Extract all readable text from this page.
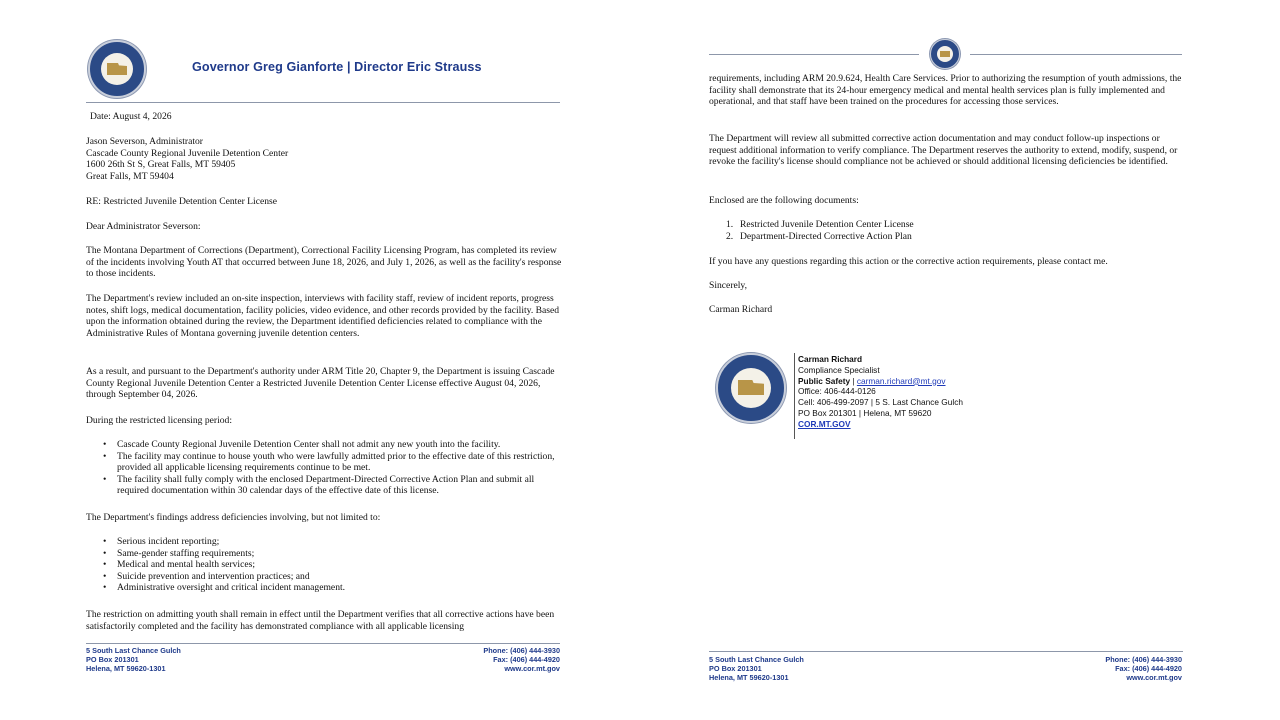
Governor Greg Gianforte | Director Eric Strauss
Date: August 4, 2026

Jason Severson, Administrator

Cascade County Regional Juvenile Detention Center

1600 26th St S, Great Falls, MT 59405

Great Falls, MT 59404

RE: Restricted Juvenile Detention Center License
Dear Administrator Severson:
The Montana Department of Corrections (Department), Correctional Facility Licensing Program, has completed its review of the incidents involving Youth AT that occurred between June 18, 2026, and July 1, 2026, as well as the facility's response to those incidents.
The Department's review included an on-site inspection, interviews with facility staff, review of incident reports, progress notes, shift logs, medical documentation, facility policies, video evidence, and other records provided by the facility. Based upon the information obtained during the review, the Department identified deficiencies related to compliance with the Administrative Rules of Montana governing juvenile detention centers.
As a result, and pursuant to the Department's authority under ARM Title 20, Chapter 9, the Department is issuing Cascade County Regional Juvenile Detention Center a Restricted Juvenile Detention Center License effective August 04, 2026, through September 04, 2026.
During the restricted licensing period:
• Cascade County Regional Juvenile Detention Center shall not admit any new youth into the facility.
• The facility may continue to house youth who were lawfully admitted prior to the effective date of this restriction, provided all applicable licensing requirements continue to be met.
• The facility shall fully comply with the enclosed Department-Directed Corrective Action Plan and submit all required documentation within 30 calendar days of the effective date of this license.
The Department's findings address deficiencies involving, but not limited to:
• Serious incident reporting;
• Same-gender staffing requirements;
• Medical and mental health services;
• Suicide prevention and intervention practices; and
• Administrative oversight and critical incident management.
The restriction on admitting youth shall remain in effect until the Department verifies that all corrective actions have been satisfactorily completed and the facility has demonstrated compliance with all applicable licensing
5 South Last Chance Gulch
PO Box 201301
Helena, MT 59620-1301
Phone: (406) 444-3930
Fax: (406) 444-4920
www.cor.mt.gov
requirements, including ARM 20.9.624, Health Care Services. Prior to authorizing the resumption of youth admissions, the facility shall demonstrate that its 24-hour emergency medical and mental health services plan is fully implemented and operational, and that staff have been trained on the procedures for accessing those services.
The Department will review all submitted corrective action documentation and may conduct follow-up inspections or request additional information to verify compliance. The Department reserves the authority to extend, modify, suspend, or revoke the facility's license should compliance not be achieved or should additional licensing deficiencies be identified.
Enclosed are the following documents:
1. Restricted Juvenile Detention Center License
2. Department-Directed Corrective Action Plan
If you have any questions regarding this action or the corrective action requirements, please contact me.
Sincerely,
Carman Richard
Carman Richard
Compliance Specialist
Public Safety | carman.richard@mt.gov
Office: 406-444-0126
Cell: 406-499-2097 | 5 S. Last Chance Gulch
PO Box 201301 | Helena, MT 59620
COR.MT.GOV
5 South Last Chance Gulch
PO Box 201301
Helena, MT 59620-1301
Phone: (406) 444-3930
Fax: (406) 444-4920
www.cor.mt.gov
